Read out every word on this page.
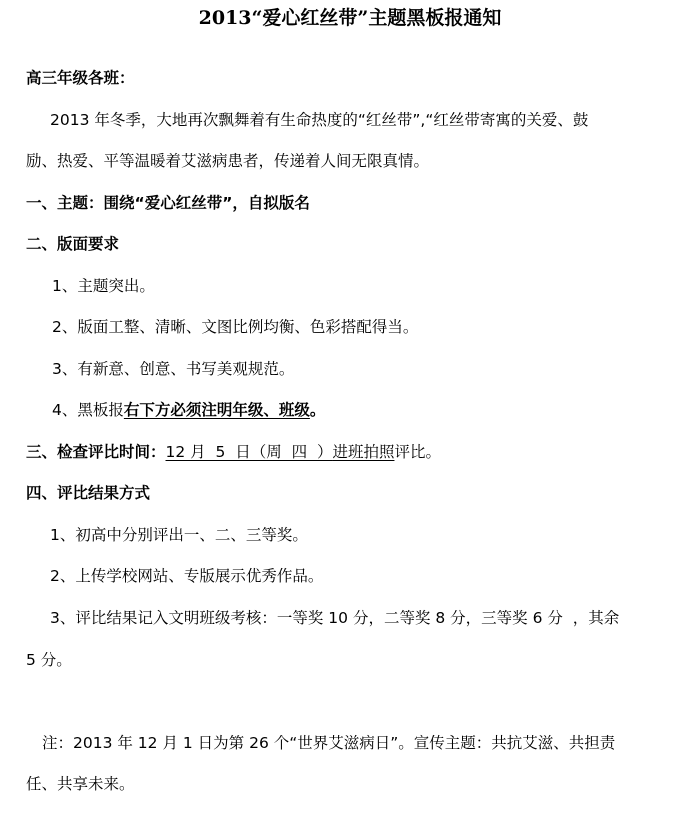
2013“爱心红丝带”主题黑板报通知
高三年级各班：
2013 年冬季，大地再次飘舞着有生命热度的“红丝带”,“红丝带寄寓的关爱、鼓
励、热爱、平等温暖着艾滋病患者，传递着人间无限真情。
一、主题：围绕“爱心红丝带”，自拟版名
二、版面要求
1、主题突出。
2、版面工整、清晰、文图比例均衡、色彩搭配得当。
3、有新意、创意、书写美观规范。
4、黑板报右下方必须注明年级、班级。
三、检查评比时间：12 月  5  日（周  四  ）进班拍照评比。
四、评比结果方式
1、初高中分别评出一、二、三等奖。
2、上传学校网站、专版展示优秀作品。
3、评比结果记入文明班级考核：一等奖 10 分，二等奖 8 分，三等奖 6 分  ，其余
5 分。
注：2013 年 12 月 1 日为第 26 个“世界艾滋病日”。宣传主题：共抗艾滋、共担责
任、共享未来。
